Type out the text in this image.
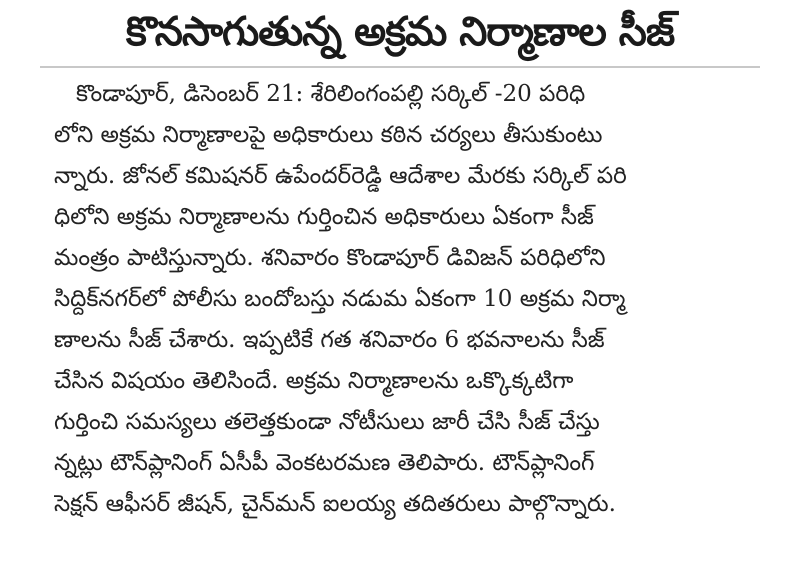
కొనసాగుతున్న అక్రమ నిర్మాణాల సీజ్
కొండాపూర్, డిసెంబర్ 21: శేరిలింగంపల్లి సర్కిల్ -20 పరిధి
లోని అక్రమ నిర్మాణాలపై అధికారులు కఠిన చర్యలు తీసుకుంటు
న్నారు. జోనల్ కమిషనర్ ఉపేందర్‌రెడ్డి ఆదేశాల మేరకు సర్కిల్ పరి
ధిలోని అక్రమ నిర్మాణాలను గుర్తించిన అధికారులు ఏకంగా సీజ్
మంత్రం పాటిస్తున్నారు. శనివారం కొండాపూర్ డివిజన్ పరిధిలోని
సిద్దిక్‌నగర్‌లో పోలీసు బందోబస్తు నడుమ ఏకంగా 10 అక్రమ నిర్మా
ణాలను సీజ్ చేశారు. ఇప్పటికే గత శనివారం 6 భవనాలను సీజ్
చేసిన విషయం తెలిసిందే. అక్రమ నిర్మాణాలను ఒక్కొక్కటిగా
గుర్తించి సమస్యలు తలెత్తకుండా నోటీసులు జారీ చేసి సీజ్ చేస్తు
న్నట్లు టౌన్‌ప్లానింగ్ ఏసీపీ వెంకటరమణ తెలిపారు. టౌన్‌ప్లానింగ్
సెక్షన్ ఆఫీసర్ జీషన్, చైన్‌మన్ ఐలయ్య తదితరులు పాల్గొన్నారు.
